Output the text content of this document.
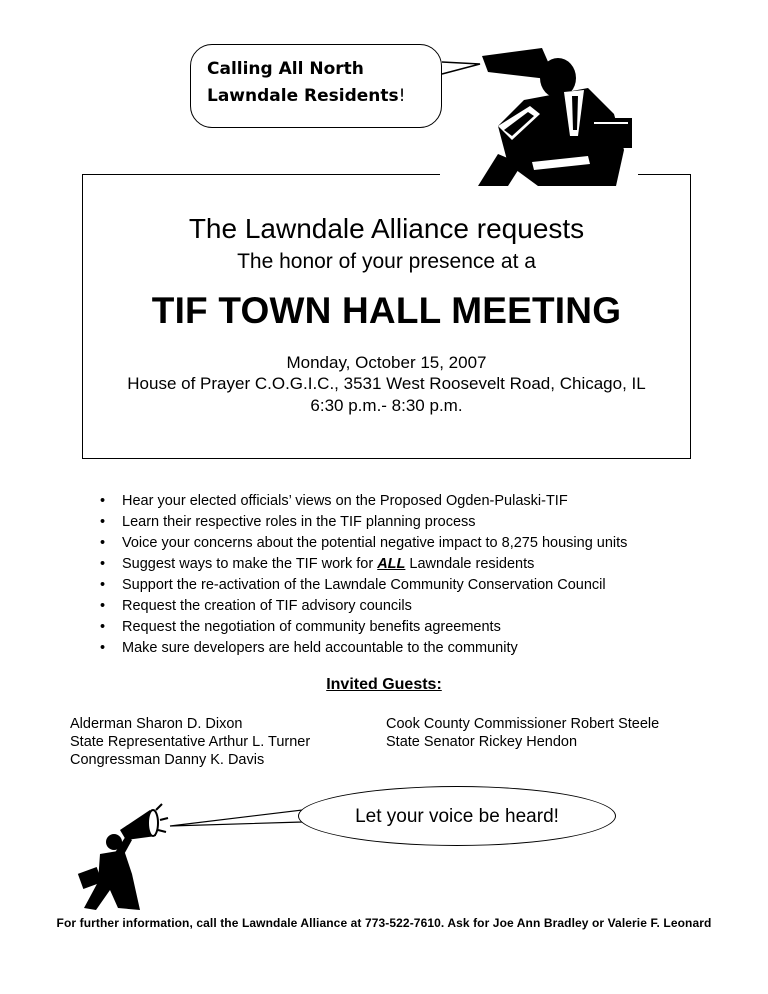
Calling All North
Lawndale Residents!
The Lawndale Alliance requests
The honor of your presence at a
TIF TOWN HALL MEETING
Monday, October 15, 2007
House of Prayer C.O.G.I.C., 3531 West Roosevelt Road, Chicago, IL
6:30 p.m.- 8:30 p.m.
• Hear your elected officials’ views on the Proposed Ogden-Pulaski-TIF
• Learn their respective roles in the TIF planning process
• Voice your concerns about the potential negative impact to 8,275 housing units
• Suggest ways to make the TIF work for ALL Lawndale residents
• Support the re-activation of the Lawndale Community Conservation Council
• Request the creation of TIF advisory councils
• Request the negotiation of community benefits agreements
• Make sure developers are held accountable to the community
Invited Guests:
Alderman Sharon D. Dixon
State Representative Arthur L. Turner
Congressman Danny K. Davis
Cook County Commissioner Robert Steele
State Senator Rickey Hendon
Let your voice be heard!
For further information, call the Lawndale Alliance at 773-522-7610. Ask for Joe Ann Bradley or Valerie F. Leonard
